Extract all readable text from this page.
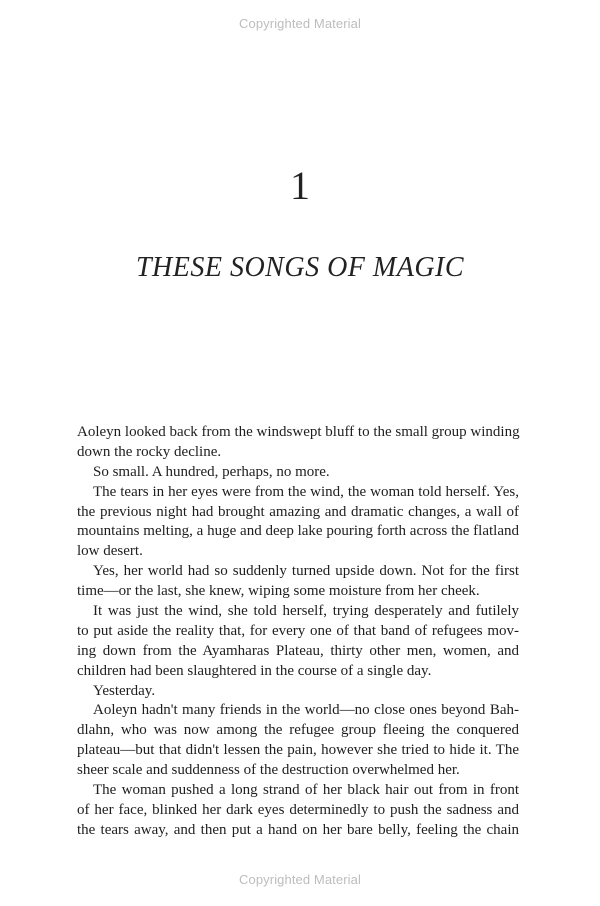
Copyrighted Material
1
THESE SONGS OF MAGIC
Aoleyn looked back from the windswept bluff to the small group winding
down the rocky decline.
So small. A hundred, perhaps, no more.
The tears in her eyes were from the wind, the woman told herself. Yes,
the previous night had brought amazing and dramatic changes, a wall of
mountains melting, a huge and deep lake pouring forth across the flatland
low desert.
Yes, her world had so suddenly turned upside down. Not for the first
time—or the last, she knew, wiping some moisture from her cheek.
It was just the wind, she told herself, trying desperately and futilely
to put aside the reality that, for every one of that band of refugees mov-
ing down from the Ayamharas Plateau, thirty other men, women, and
children had been slaughtered in the course of a single day.
Yesterday.
Aoleyn hadn't many friends in the world—no close ones beyond Bah-
dlahn, who was now among the refugee group fleeing the conquered
plateau—but that didn't lessen the pain, however she tried to hide it. The
sheer scale and suddenness of the destruction overwhelmed her.
The woman pushed a long strand of her black hair out from in front
of her face, blinked her dark eyes determinedly to push the sadness and
the tears away, and then put a hand on her bare belly, feeling the chain
Copyrighted Material
